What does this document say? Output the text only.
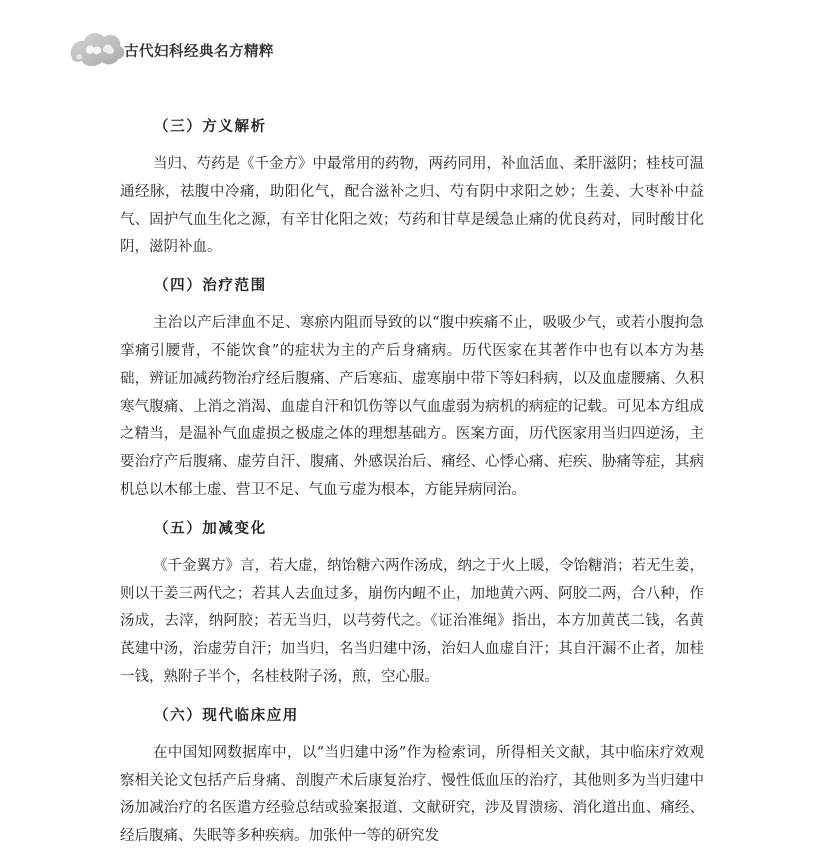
古代妇科经典名方精粹
（三）方义解析

当归、芍药是《千金方》中最常用的药物，两药同用，补血活血、柔肝滋阴；桂枝可温通经脉，祛腹中冷痛，助阳化气，配合滋补之归、芍有阴中求阳之妙；生姜、大枣补中益气、固护气血生化之源，有辛甘化阳之效；芍药和甘草是缓急止痛的优良药对，同时酸甘化阴，滋阴补血。

（四）治疗范围

主治以产后津血不足、寒瘀内阻而导致的以“腹中疾痛不止，吸吸少气，或若小腹拘急挛痛引腰背，不能饮食”的症状为主的产后身痛病。历代医家在其著作中也有以本方为基础，辨证加减药物治疗经后腹痛、产后寒疝、虚寒崩中带下等妇科病，以及血虚腰痛、久积寒气腹痛、上消之消渴、血虚自汗和饥伤等以气血虚弱为病机的病症的记载。可见本方组成之精当，是温补气血虚损之极虚之体的理想基础方。医案方面，历代医家用当归四逆汤，主要治疗产后腹痛、虚劳自汗、腹痛、外感误治后、痛经、心悸心痛、疟疾、胁痛等症，其病机总以木郁土虚、营卫不足、气血亏虚为根本，方能异病同治。

（五）加减变化

《千金翼方》言，若大虚，纳饴糖六两作汤成，纳之于火上暖，令饴糖消；若无生姜，则以干姜三两代之；若其人去血过多，崩伤内衄不止，加地黄六两、阿胶二两，合八种，作汤成，去滓，纳阿胶；若无当归，以芎䓖代之。《证治准绳》指出，本方加黄芪二钱，名黄芪建中汤，治虚劳自汗；加当归，名当归建中汤，治妇人血虚自汗；其自汗漏不止者，加桂一钱，熟附子半个，名桂枝附子汤，煎，空心服。

（六）现代临床应用

在中国知网数据库中，以“当归建中汤”作为检索词，所得相关文献，其中临床疗效观察相关论文包括产后身痛、剖腹产术后康复治疗、慢性低血压的治疗，其他则多为当归建中汤加减治疗的名医遣方经验总结或验案报道、文献研究，涉及胃溃疡、消化道出血、痛经、经后腹痛、失眠等多种疾病。加张仲一等的研究发
